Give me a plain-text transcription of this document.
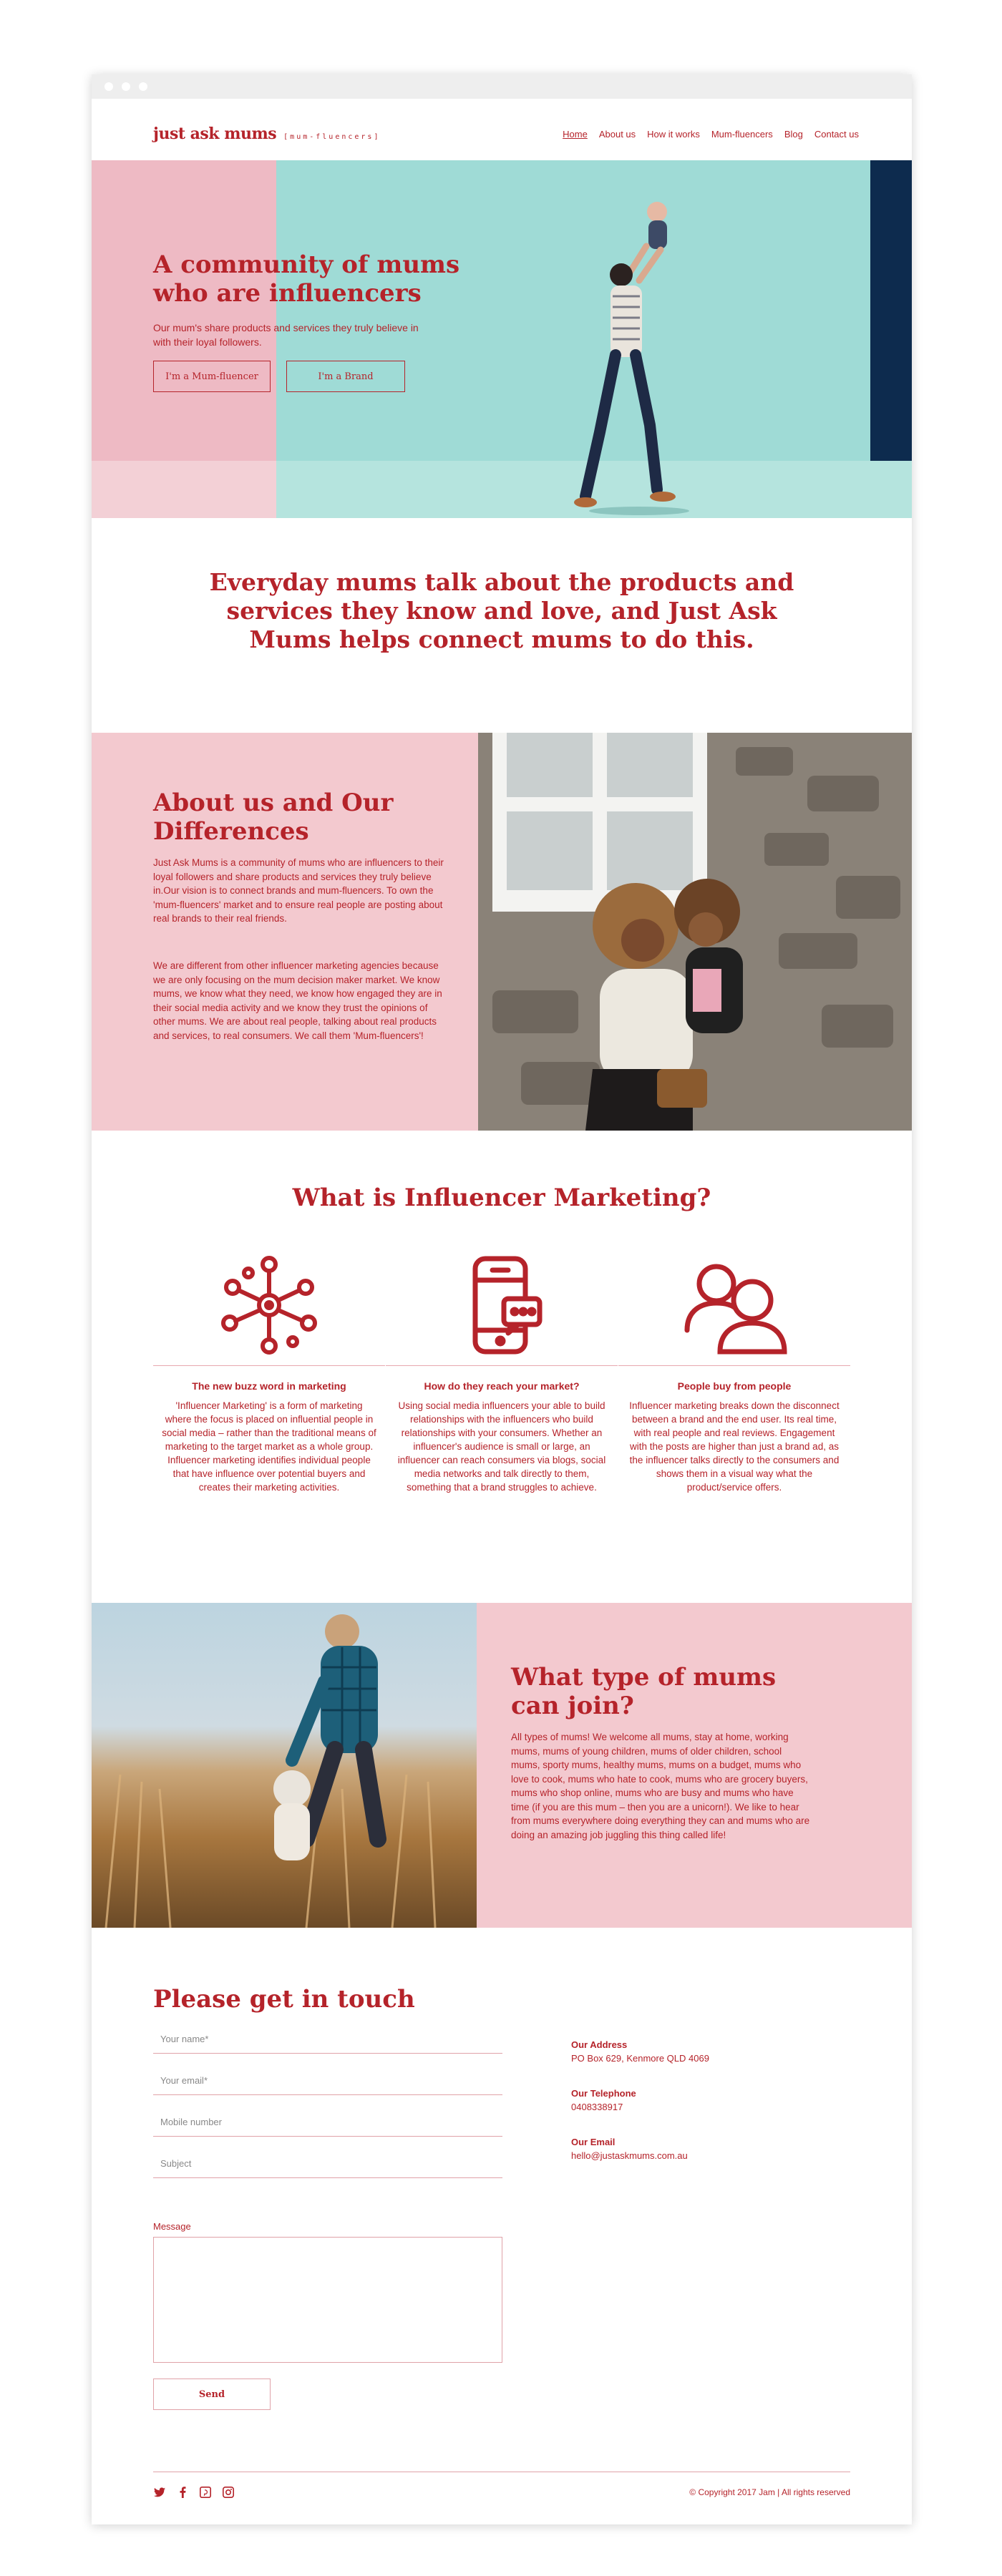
just ask mums [mum-fluencers]	Home About us How it works Mum-fluencers Blog Contact us
A community of mums who are influencers

Our mum's share products and services they truly believe in with their loyal followers.

I'm a Mum-fluencer	I'm a Brand
Everyday mums talk about the products and services they know and love, and Just Ask Mums helps connect mums to do this.
About us and Our Differences

Just Ask Mums is a community of mums who are influencers to their loyal followers and share products and services they truly believe in.Our vision is to connect brands and mum-fluencers. To own the 'mum-fluencers' market and to ensure real people are posting about real brands to their real friends.

We are different from other influencer marketing agencies because we are only focusing on the mum decision maker market. We know mums, we know what they need, we know how engaged they are in their social media activity and we know they trust the opinions of other mums. We are about real people, talking about real products and services, to real consumers. We call them 'Mum-fluencers'!

What is Influencer Marketing?
The new buzz word in marketing

'Influencer Marketing' is a form of marketing where the focus is placed on influential people in social media – rather than the traditional means of marketing to the target market as a whole group. Influencer marketing identifies individual people that have influence over potential buyers and creates their marketing activities.

How do they reach your market?

Using social media influencers your able to build relationships with the influencers who build relationships with your consumers. Whether an influencer's audience is small or large, an influencer can reach consumers via blogs, social media networks and talk directly to them, something that a brand struggles to achieve.

People buy from people

Influencer marketing breaks down the disconnect between a brand and the end user. Its real time, with real people and real reviews. Engagement with the posts are higher than just a brand ad, as the influencer talks directly to the consumers and shows them in a visual way what the product/service offers.

What type of mums can join?

All types of mums! We welcome all mums, stay at home, working mums, mums of young children, mums of older children, school mums, sporty mums, healthy mums, mums on a budget, mums who love to cook, mums who hate to cook, mums who are grocery buyers, mums who shop online, mums who are busy and mums who have time (if you are this mum – then you are a unicorn!). We like to hear from mums everywhere doing everything they can and mums who are doing an amazing job juggling this thing called life!

Please get in touch
Your name*
Your email*
Mobile number
Subject
Message
Send
Our Address
PO Box 629, Kenmore QLD 4069
Our Telephone
0408338917
Our Email
hello@justaskmums.com.au
© Copyright 2017 Jam | All rights reserved
